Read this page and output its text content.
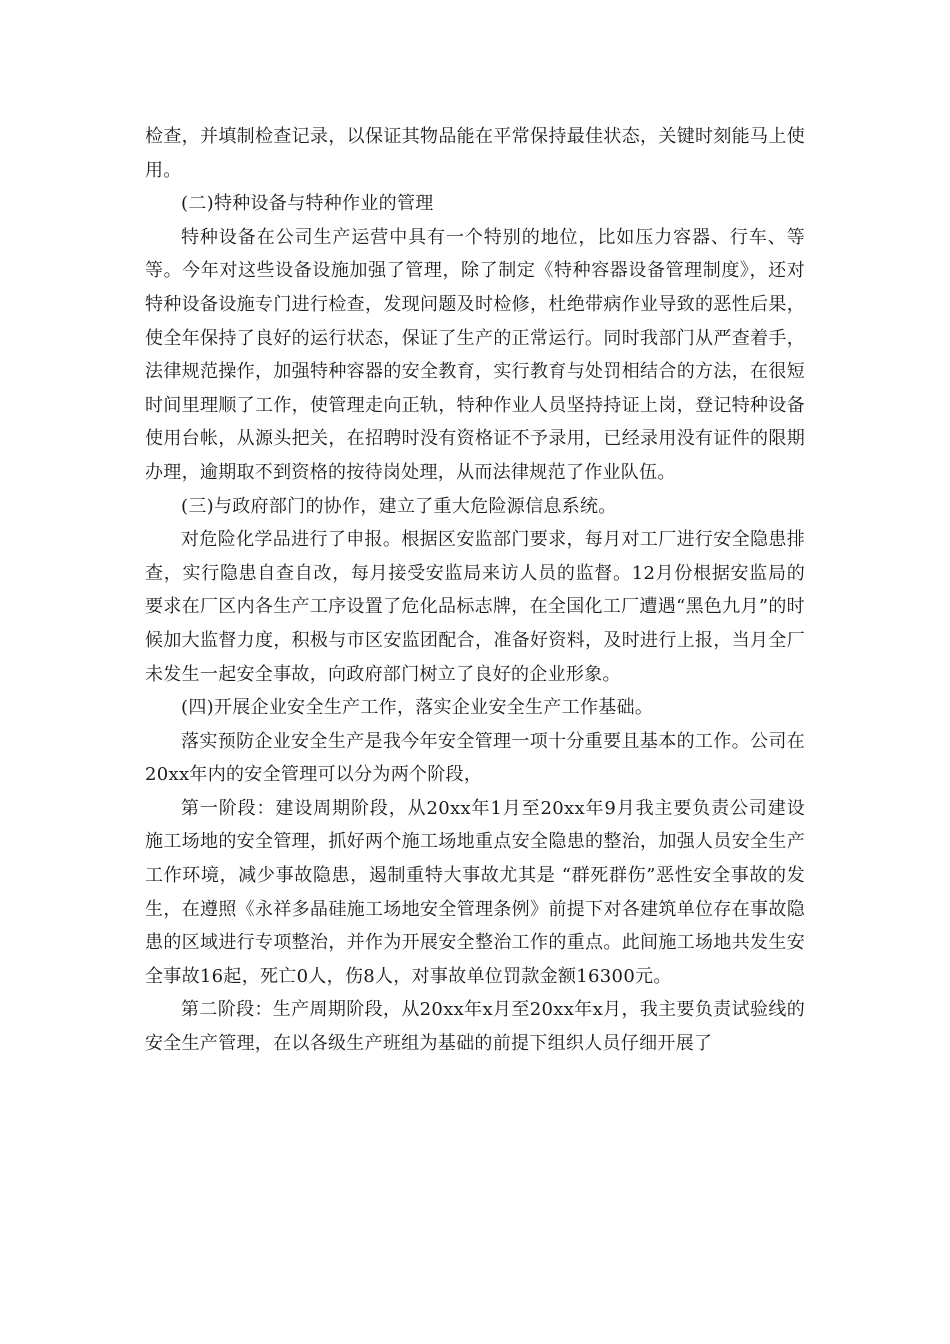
检查，并填制检查记录，以保证其物品能在平常保持最佳状态，关键时刻能马上使用。

(二)特种设备与特种作业的管理

特种设备在公司生产运营中具有一个特别的地位，比如压力容器、行车、等等。今年对这些设备设施加强了管理，除了制定《特种容器设备管理制度》，还对特种设备设施专门进行检查，发现问题及时检修，杜绝带病作业导致的恶性后果，使全年保持了良好的运行状态，保证了生产的正常运行。同时我部门从严查着手，法律规范操作，加强特种容器的安全教育，实行教育与处罚相结合的方法，在很短时间里理顺了工作，使管理走向正轨，特种作业人员坚持持证上岗，登记特种设备使用台帐，从源头把关，在招聘时没有资格证不予录用，已经录用没有证件的限期办理，逾期取不到资格的按待岗处理，从而法律规范了作业队伍。

(三)与政府部门的协作，建立了重大危险源信息系统。

对危险化学品进行了申报。根据区安监部门要求，每月对工厂进行安全隐患排查，实行隐患自查自改，每月接受安监局来访人员的监督。12月份根据安监局的要求在厂区内各生产工序设置了危化品标志牌，在全国化工厂遭遇“黑色九月”的时候加大监督力度，积极与市区安监团配合，准备好资料，及时进行上报，当月全厂未发生一起安全事故，向政府部门树立了良好的企业形象。

(四)开展企业安全生产工作，落实企业安全生产工作基础。

落实预防企业安全生产是我今年安全管理一项十分重要且基本的工作。公司在20xx年内的安全管理可以分为两个阶段，

第一阶段：建设周期阶段，从20xx年1月至20xx年9月我主要负责公司建设施工场地的安全管理，抓好两个施工场地重点安全隐患的整治，加强人员安全生产工作环境，减少事故隐患，遏制重特大事故尤其是 “群死群伤”恶性安全事故的发生，在遵照《永祥多晶硅施工场地安全管理条例》前提下对各建筑单位存在事故隐患的区域进行专项整治，并作为开展安全整治工作的重点。此间施工场地共发生安全事故16起，死亡0人，伤8人，对事故单位罚款金额16300元。

第二阶段：生产周期阶段，从20xx年x月至20xx年x月，我主要负责试验线的安全生产管理，在以各级生产班组为基础的前提下组织人员仔细开展了
